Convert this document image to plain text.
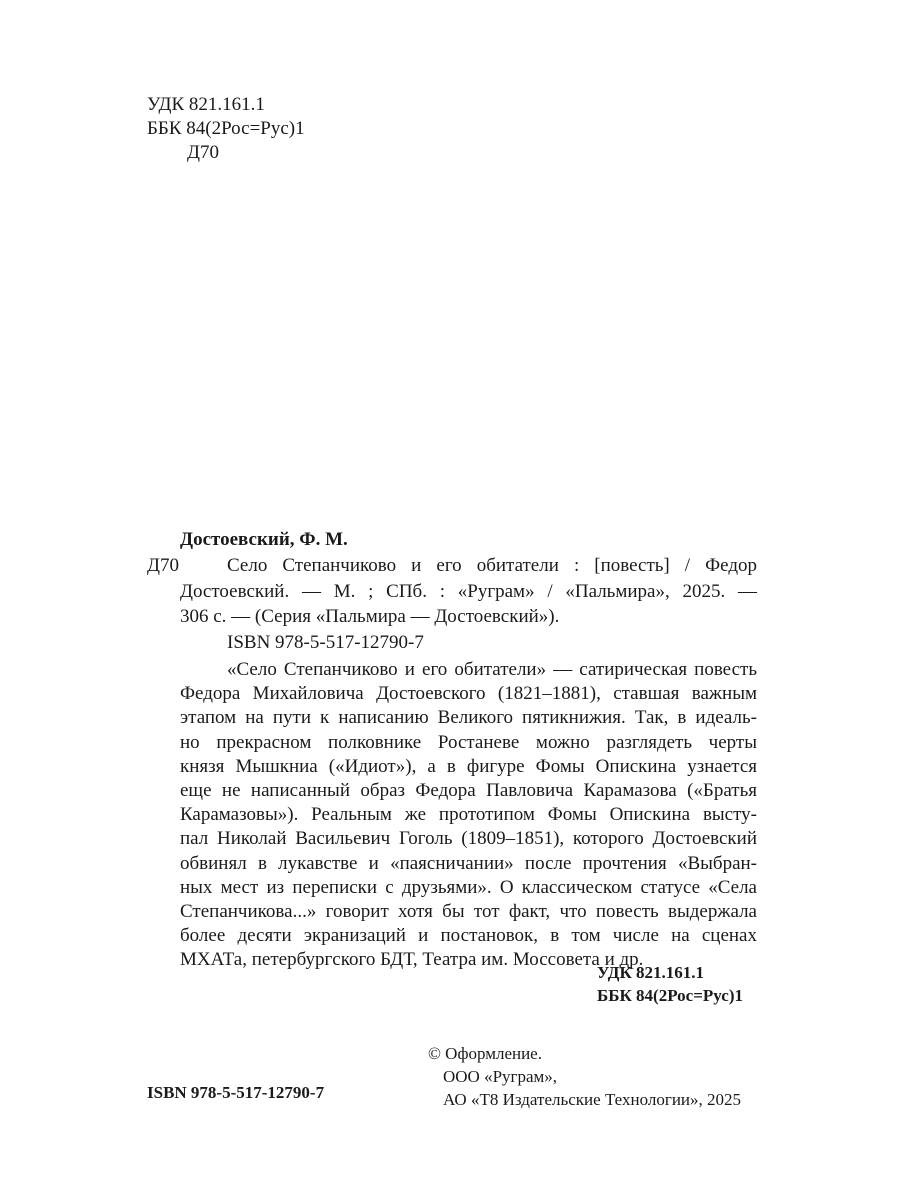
УДК 821.161.1
ББК 84(2Рос=Рус)1
Д70
Достоевский, Ф. М.
Д70	Село Степанчиково и его обитатели : [повесть] / Федор
Достоевский. — М. ; СПб. : «Руграм» / «Пальмира», 2025. —
306 с. — (Серия «Пальмира — Достоевский»).
ISBN 978-5-517-12790-7
«Село Степанчиково и его обитатели» — сатирическая повесть
Федора Михайловича Достоевского (1821–1881), ставшая важным
этапом на пути к написанию Великого пятикнижия. Так, в идеаль-
но прекрасном полковнике Ростаневе можно разглядеть черты
князя Мышкниа («Идиот»), а в фигуре Фомы Опискина узнается
еще не написанный образ Федора Павловича Карамазова («Братья
Карамазовы»). Реальным же прототипом Фомы Опискина высту-
пал Николай Васильевич Гоголь (1809–1851), которого Достоевский
обвинял в лукавстве и «паясничании» после прочтения «Выбран-
ных мест из переписки с друзьями». О классическом статусе «Села
Степанчикова...» говорит хотя бы тот факт, что повесть выдержала
более десяти экранизаций и постановок, в том числе на сценах
МХАТа, петербургского БДТ, Театра им. Моссовета и др.
УДК 821.161.1
ББК 84(2Рос=Рус)1
© Оформление.
ООО «Руграм»,
АО «Т8 Издательские Технологии», 2025
ISBN 978-5-517-12790-7
